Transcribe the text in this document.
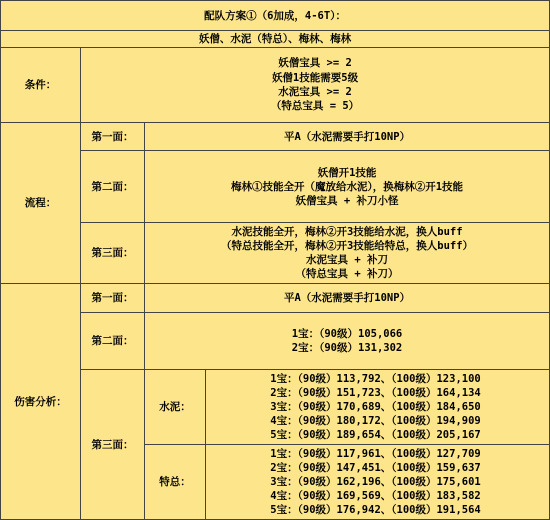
配队方案①（6加成，4-6T）：			
妖僧、水泥（特总）、梅林、梅林			
条件：	妖僧宝具 >= 2
妖僧1技能需要5级
水泥宝具 >= 2
（特总宝具 = 5）		

流程：	第一面：	平A（水泥需要手打10NP）	
	第二面：	妖僧开1技能
梅林①技能全开（魔放给水泥），换梅林②开1技能
妖僧宝具 + 补刀小怪	

	第三面：	水泥技能全开，梅林②开3技能给水泥，换人buff
（特总技能全开，梅林②开3技能给特总，换人buff）
水泥宝具 + 补刀
（特总宝具 + 补刀）	

伤害分析：	第一面：	平A（水泥需要手打10NP）	
	第二面：	1宝：（90级）105,066
2宝：（90级）131,302	

	第三面：	水泥：	1宝：（90级）113,792、（100级）123,100
2宝：（90级）151,723、（100级）164,134
3宝：（90级）170,689、（100级）184,650
4宝：（90级）180,172、（100级）194,909
5宝：（90级）189,654、（100级）205,167

		特总：	1宝：（90级）117,961、（100级）127,709
2宝：（90级）147,451、（100级）159,637
3宝：（90级）162,196、（100级）175,601
4宝：（90级）169,569、（100级）183,582
5宝：（90级）176,942、（100级）191,564
